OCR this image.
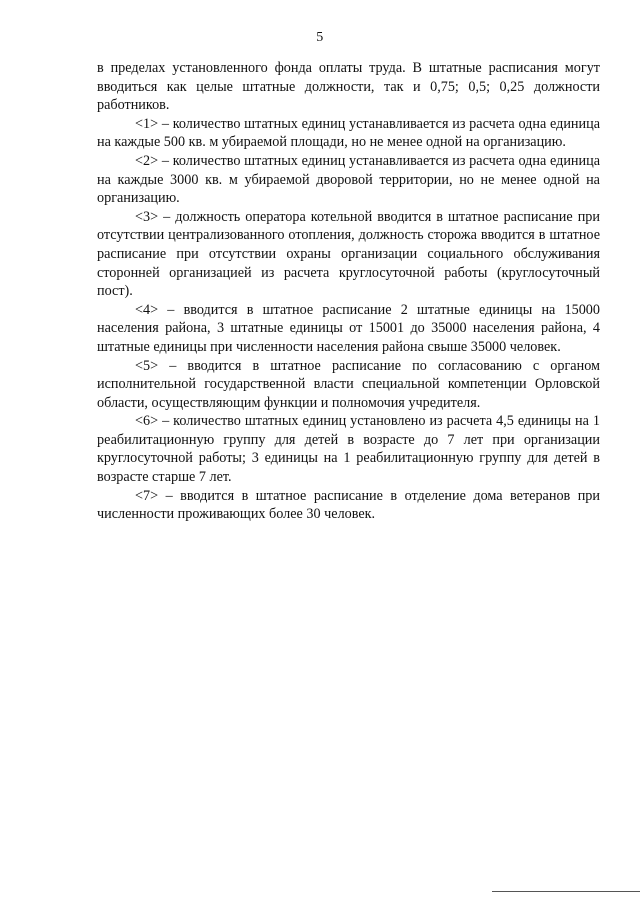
5

в пределах установленного фонда оплаты труда. В штатные расписания могут вводиться как целые штатные должности, так и 0,75; 0,5; 0,25 должности работников.

<1> – количество штатных единиц устанавливается из расчета одна единица на каждые 500 кв. м убираемой площади, но не менее одной на организацию.

<2> – количество штатных единиц устанавливается из расчета одна единица на каждые 3000 кв. м убираемой дворовой территории, но не менее одной на организацию.

<3> – должность оператора котельной вводится в штатное расписание при отсутствии централизованного отопления, должность сторожа вводится в штатное расписание при отсутствии охраны организации социального обслуживания сторонней организацией из расчета круглосуточной работы (круглосуточный пост).

<4> – вводится в штатное расписание 2 штатные единицы на 15000 населения района, 3 штатные единицы от 15001 до 35000 населения района, 4 штатные единицы при численности населения района свыше 35000 человек.

<5> – вводится в штатное расписание по согласованию с органом исполнительной государственной власти специальной компетенции Орловской области, осуществляющим функции и полномочия учредителя.

<6> – количество штатных единиц установлено из расчета 4,5 единицы на 1 реабилитационную группу для детей в возрасте до 7 лет при организации круглосуточной работы; 3 единицы на 1 реабилитационную группу для детей в возрасте старше 7 лет.

<7> – вводится в штатное расписание в отделение дома ветеранов при численности проживающих более 30 человек.
